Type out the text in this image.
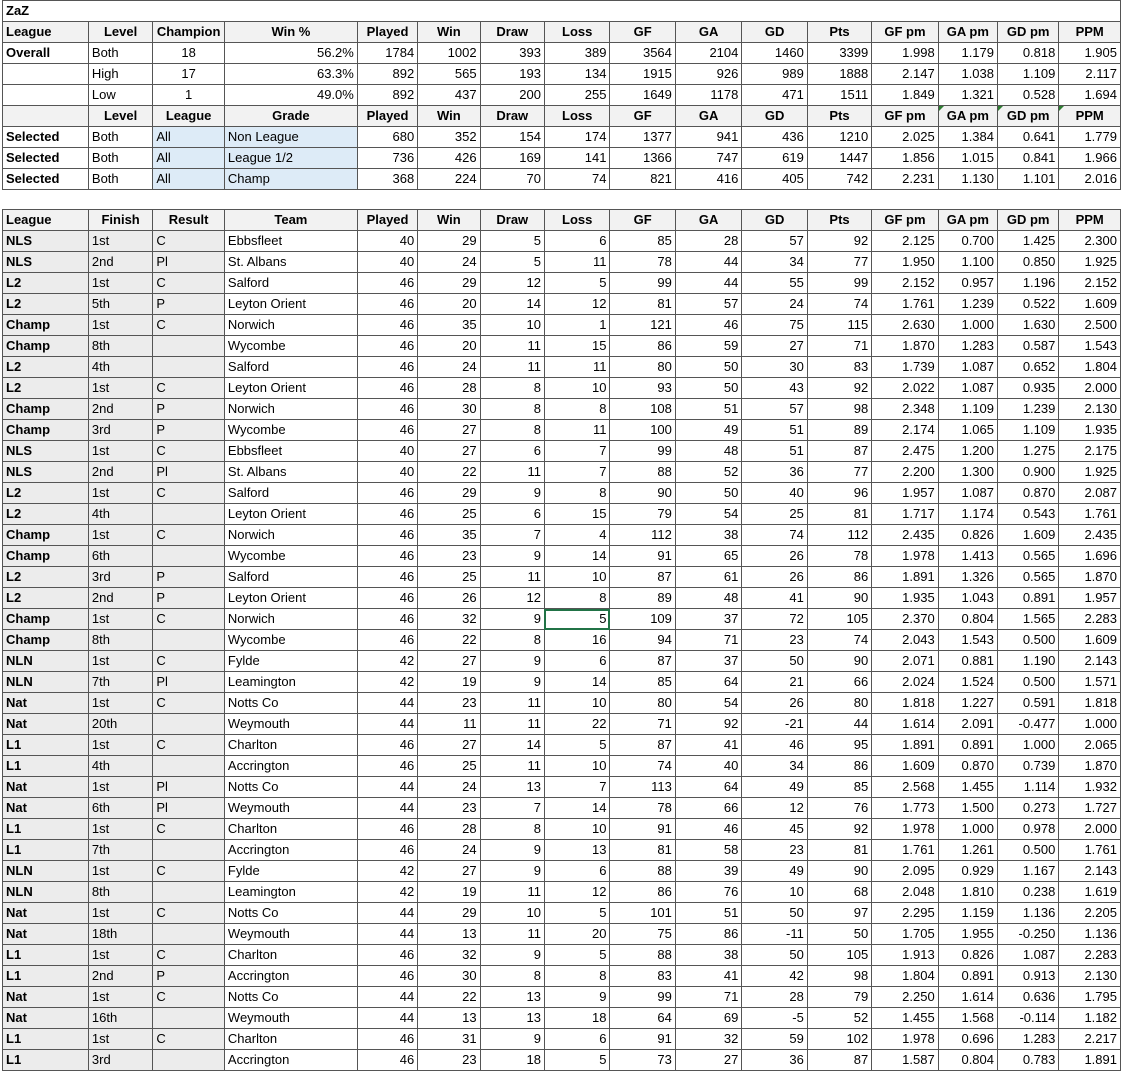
ZaZ															
League	Level	Champion	Win %	Played	Win	Draw	Loss	GF	GA	GD	Pts	GF pm	GA pm	GD pm	PPM
Overall	Both	18	56.2%	1784	1002	393	389	3564	2104	1460	3399	1.998	1.179	0.818	1.905
	High	17	63.3%	892	565	193	134	1915	926	989	1888	2.147	1.038	1.109	2.117
	Low	1	49.0%	892	437	200	255	1649	1178	471	1511	1.849	1.321	0.528	1.694
	Level	League	Grade	Played	Win	Draw	Loss	GF	GA	GD	Pts	GF pm	GA pm	GD pm	PPM
Selected	Both	All	Non League	680	352	154	174	1377	941	436	1210	2.025	1.384	0.641	1.779
Selected	Both	All	League 1/2	736	426	169	141	1366	747	619	1447	1.856	1.015	0.841	1.966
Selected	Both	All	Champ	368	224	70	74	821	416	405	742	2.231	1.130	1.101	2.016

League	Finish	Result	Team	Played	Win	Draw	Loss	GF	GA	GD	Pts	GF pm	GA pm	GD pm	PPM
NLS	1st	C	Ebbsfleet	40	29	5	6	85	28	57	92	2.125	0.700	1.425	2.300
NLS	2nd	Pl	St. Albans	40	24	5	11	78	44	34	77	1.950	1.100	0.850	1.925
L2	1st	C	Salford	46	29	12	5	99	44	55	99	2.152	0.957	1.196	2.152
L2	5th	P	Leyton Orient	46	20	14	12	81	57	24	74	1.761	1.239	0.522	1.609
Champ	1st	C	Norwich	46	35	10	1	121	46	75	115	2.630	1.000	1.630	2.500
Champ	8th		Wycombe	46	20	11	15	86	59	27	71	1.870	1.283	0.587	1.543
L2	4th		Salford	46	24	11	11	80	50	30	83	1.739	1.087	0.652	1.804
L2	1st	C	Leyton Orient	46	28	8	10	93	50	43	92	2.022	1.087	0.935	2.000
Champ	2nd	P	Norwich	46	30	8	8	108	51	57	98	2.348	1.109	1.239	2.130
Champ	3rd	P	Wycombe	46	27	8	11	100	49	51	89	2.174	1.065	1.109	1.935
NLS	1st	C	Ebbsfleet	40	27	6	7	99	48	51	87	2.475	1.200	1.275	2.175
NLS	2nd	Pl	St. Albans	40	22	11	7	88	52	36	77	2.200	1.300	0.900	1.925
L2	1st	C	Salford	46	29	9	8	90	50	40	96	1.957	1.087	0.870	2.087
L2	4th		Leyton Orient	46	25	6	15	79	54	25	81	1.717	1.174	0.543	1.761
Champ	1st	C	Norwich	46	35	7	4	112	38	74	112	2.435	0.826	1.609	2.435
Champ	6th		Wycombe	46	23	9	14	91	65	26	78	1.978	1.413	0.565	1.696
L2	3rd	P	Salford	46	25	11	10	87	61	26	86	1.891	1.326	0.565	1.870
L2	2nd	P	Leyton Orient	46	26	12	8	89	48	41	90	1.935	1.043	0.891	1.957
Champ	1st	C	Norwich	46	32	9	5	109	37	72	105	2.370	0.804	1.565	2.283
Champ	8th		Wycombe	46	22	8	16	94	71	23	74	2.043	1.543	0.500	1.609
NLN	1st	C	Fylde	42	27	9	6	87	37	50	90	2.071	0.881	1.190	2.143
NLN	7th	Pl	Leamington	42	19	9	14	85	64	21	66	2.024	1.524	0.500	1.571
Nat	1st	C	Notts Co	44	23	11	10	80	54	26	80	1.818	1.227	0.591	1.818
Nat	20th		Weymouth	44	11	11	22	71	92	-21	44	1.614	2.091	-0.477	1.000
L1	1st	C	Charlton	46	27	14	5	87	41	46	95	1.891	0.891	1.000	2.065
L1	4th		Accrington	46	25	11	10	74	40	34	86	1.609	0.870	0.739	1.870
Nat	1st	Pl	Notts Co	44	24	13	7	113	64	49	85	2.568	1.455	1.114	1.932
Nat	6th	Pl	Weymouth	44	23	7	14	78	66	12	76	1.773	1.500	0.273	1.727
L1	1st	C	Charlton	46	28	8	10	91	46	45	92	1.978	1.000	0.978	2.000
L1	7th		Accrington	46	24	9	13	81	58	23	81	1.761	1.261	0.500	1.761
NLN	1st	C	Fylde	42	27	9	6	88	39	49	90	2.095	0.929	1.167	2.143
NLN	8th		Leamington	42	19	11	12	86	76	10	68	2.048	1.810	0.238	1.619
Nat	1st	C	Notts Co	44	29	10	5	101	51	50	97	2.295	1.159	1.136	2.205
Nat	18th		Weymouth	44	13	11	20	75	86	-11	50	1.705	1.955	-0.250	1.136
L1	1st	C	Charlton	46	32	9	5	88	38	50	105	1.913	0.826	1.087	2.283
L1	2nd	P	Accrington	46	30	8	8	83	41	42	98	1.804	0.891	0.913	2.130
Nat	1st	C	Notts Co	44	22	13	9	99	71	28	79	2.250	1.614	0.636	1.795
Nat	16th		Weymouth	44	13	13	18	64	69	-5	52	1.455	1.568	-0.114	1.182
L1	1st	C	Charlton	46	31	9	6	91	32	59	102	1.978	0.696	1.283	2.217
L1	3rd		Accrington	46	23	18	5	73	27	36	87	1.587	0.804	0.783	1.891
